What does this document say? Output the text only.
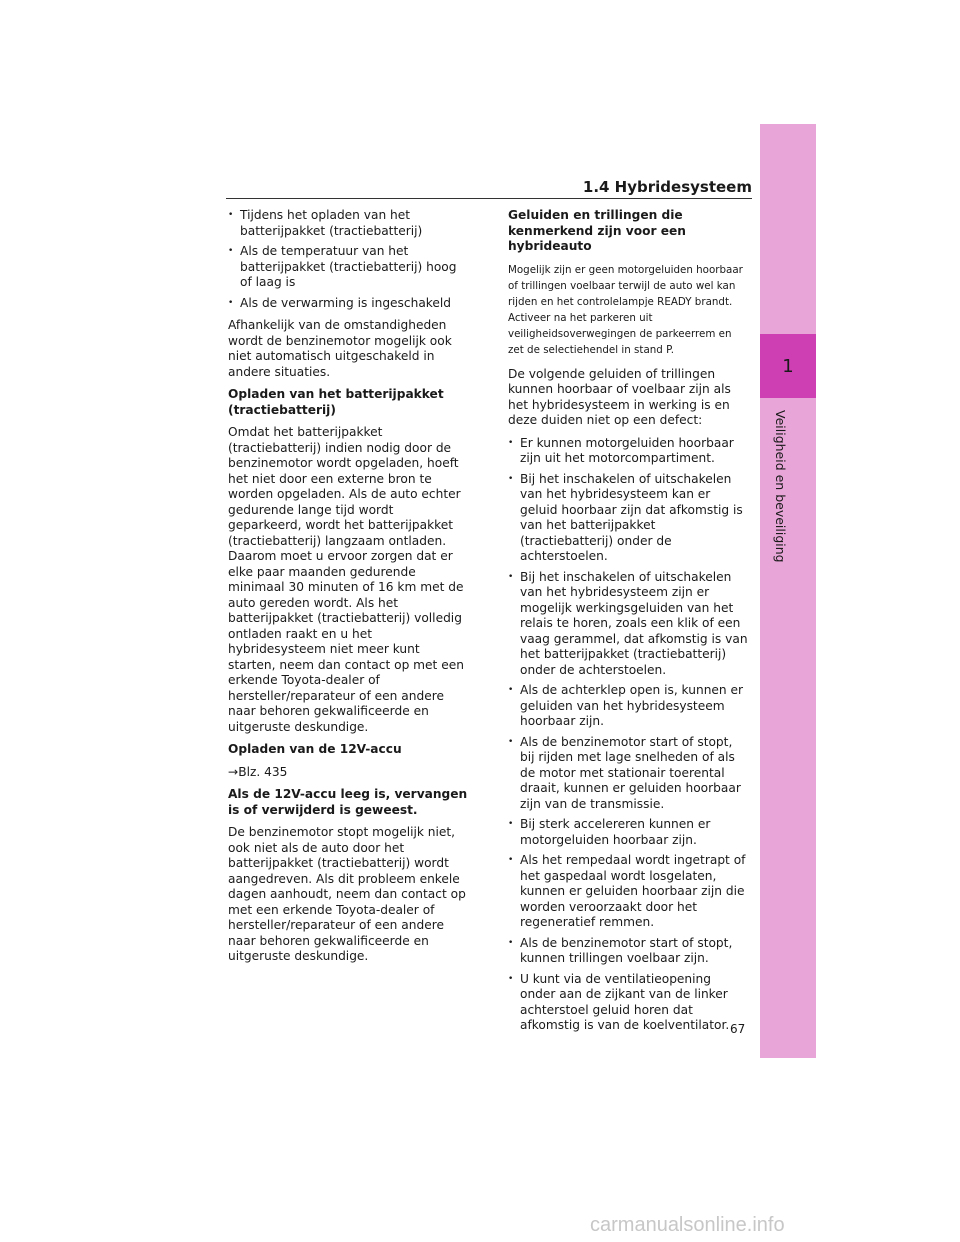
1.4 Hybridesysteem
1
Veiligheid en beveiliging
• Tijdens het opladen van het batterijpakket (tractiebatterij)
• Als de temperatuur van het batterijpakket (tractiebatterij) hoog of laag is
• Als de verwarming is ingeschakeld

Afhankelijk van de omstandigheden wordt de benzinemotor mogelijk ook niet automatisch uitgeschakeld in andere situaties.

Opladen van het batterijpakket (tractiebatterij)

Omdat het batterijpakket (tractiebatterij) indien nodig door de benzinemotor wordt opgeladen, hoeft het niet door een externe bron te worden opgeladen. Als de auto echter gedurende lange tijd wordt geparkeerd, wordt het batterijpakket (tractiebatterij) langzaam ontladen. Daarom moet u ervoor zorgen dat er elke paar maanden gedurende minimaal 30 minuten of 16 km met de auto gereden wordt. Als het batterijpakket (tractiebatterij) volledig ontladen raakt en u het hybridesysteem niet meer kunt starten, neem dan contact op met een erkende Toyota-dealer of hersteller/reparateur of een andere naar behoren gekwalificeerde en uitgeruste deskundige.

Opladen van de 12V-accu

→ Blz. 435

Als de 12V-accu leeg is, vervangen is of verwijderd is geweest.

De benzinemotor stopt mogelijk niet, ook niet als de auto door het batterijpakket (tractiebatterij) wordt aangedreven. Als dit probleem enkele dagen aanhoudt, neem dan contact op met een erkende Toyota-dealer of hersteller/reparateur of een andere naar behoren gekwalificeerde en uitgeruste deskundige.

Geluiden en trillingen die kenmerkend zijn voor een hybrideauto

Mogelijk zijn er geen motorgeluiden hoorbaar of trillingen voelbaar terwijl de auto wel kan rijden en het controlelampje READY brandt. Activeer na het parkeren uit veiligheidsoverwegingen de parkeerrem en zet de selectiehendel in stand P.

De volgende geluiden of trillingen kunnen hoorbaar of voelbaar zijn als het hybridesysteem in werking is en deze duiden niet op een defect:

• Er kunnen motorgeluiden hoorbaar zijn uit het motorcompartiment.
• Bij het inschakelen of uitschakelen van het hybridesysteem kan er geluid hoorbaar zijn dat afkomstig is van het batterijpakket (tractiebatterij) onder de achterstoelen.
• Bij het inschakelen of uitschakelen van het hybridesysteem zijn er mogelijk werkingsgeluiden van het relais te horen, zoals een klik of een vaag gerammel, dat afkomstig is van het batterijpakket (tractiebatterij) onder de achterstoelen.
• Als de achterklep open is, kunnen er geluiden van het hybridesysteem hoorbaar zijn.
• Als de benzinemotor start of stopt, bij rijden met lage snelheden of als de motor met stationair toerental draait, kunnen er geluiden hoorbaar zijn van de transmissie.
• Bij sterk accelereren kunnen er motorgeluiden hoorbaar zijn.
• Als het rempedaal wordt ingetrapt of het gaspedaal wordt losgelaten, kunnen er geluiden hoorbaar zijn die worden veroorzaakt door het regeneratief remmen.
• Als de benzinemotor start of stopt, kunnen trillingen voelbaar zijn.
• U kunt via de ventilatieopening onder aan de zijkant van de linker achterstoel geluid horen dat afkomstig is van de koelventilator. 67
carmanualsonline.info
